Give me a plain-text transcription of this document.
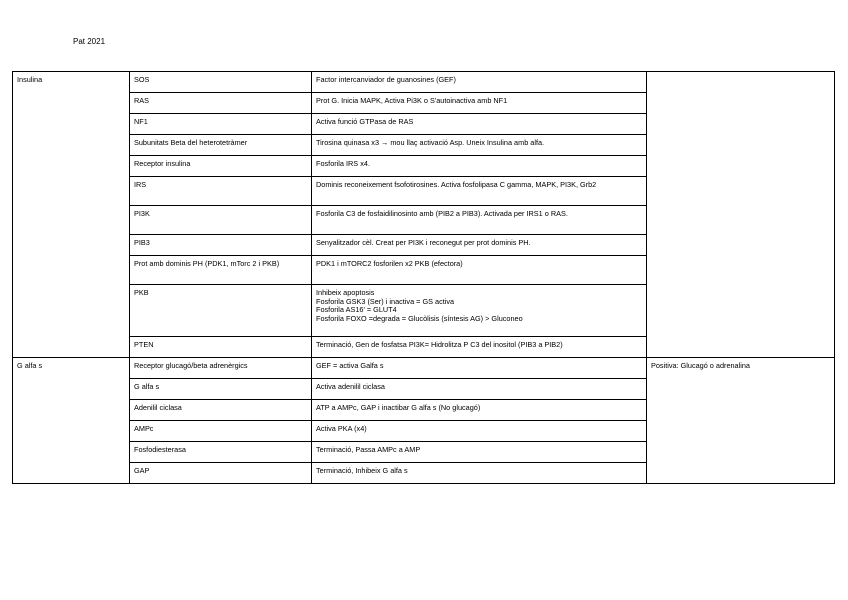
Pat 2021
Insulina	SOS	Factor intercanviador de guanosines (GEF)	
	RAS	Prot G. Inicia MAPK, Activa Pi3K o S'autoinactiva amb NF1	
	NF1	Activa funció GTPasa de RAS	
	Subunitats Beta del heterotetràmer	Tirosina quinasa x3 → mou llaç activació Asp. Uneix Insulina amb alfa.	
	Receptor insulina	Fosforila IRS x4.	
	IRS	Dominis reconeixement fsofotirosines. Activa fosfolipasa C gamma, MAPK, PI3K, Grb2	
	PI3K	Fosforila C3 de fosfaidilinosinto amb (PIB2 a PIB3). Activada per IRS1 o RAS.	
	PIB3	Senyalitzador cèl. Creat per PI3K i reconegut per prot dominis PH.	
	Prot amb dominis PH (PDK1, mTorc 2 i PKB)	PDK1 i mTORC2 fosforilen x2 PKB (efectora)	
	PKB	Inhibeix apoptosis
Fosforila GSK3 (Ser) i inactiva = GS activa
Fosforila AS16' = GLUT4
Fosforila FOXO =degrada = Glucòlisis (síntesis AG) > Gluconeo	
	PTEN	Terminació, Gen de fosfatsa PI3K= Hidrolitza P C3 del inositol (PIB3 a PIB2)	
G alfa s	Receptor glucagó/beta adrenèrgics	GEF = activa Galfa s	Positiva: Glucagó o adrenalina
	G alfa s	Activa adenilil ciclasa	
	Adenilil ciclasa	ATP a AMPc, GAP i inactibar G alfa s (No glucagó)	
	AMPc	Activa PKA (x4)	
	Fosfodiesterasa	Terminació, Passa AMPc a AMP	
	GAP	Terminació, Inhibeix G alfa s	
